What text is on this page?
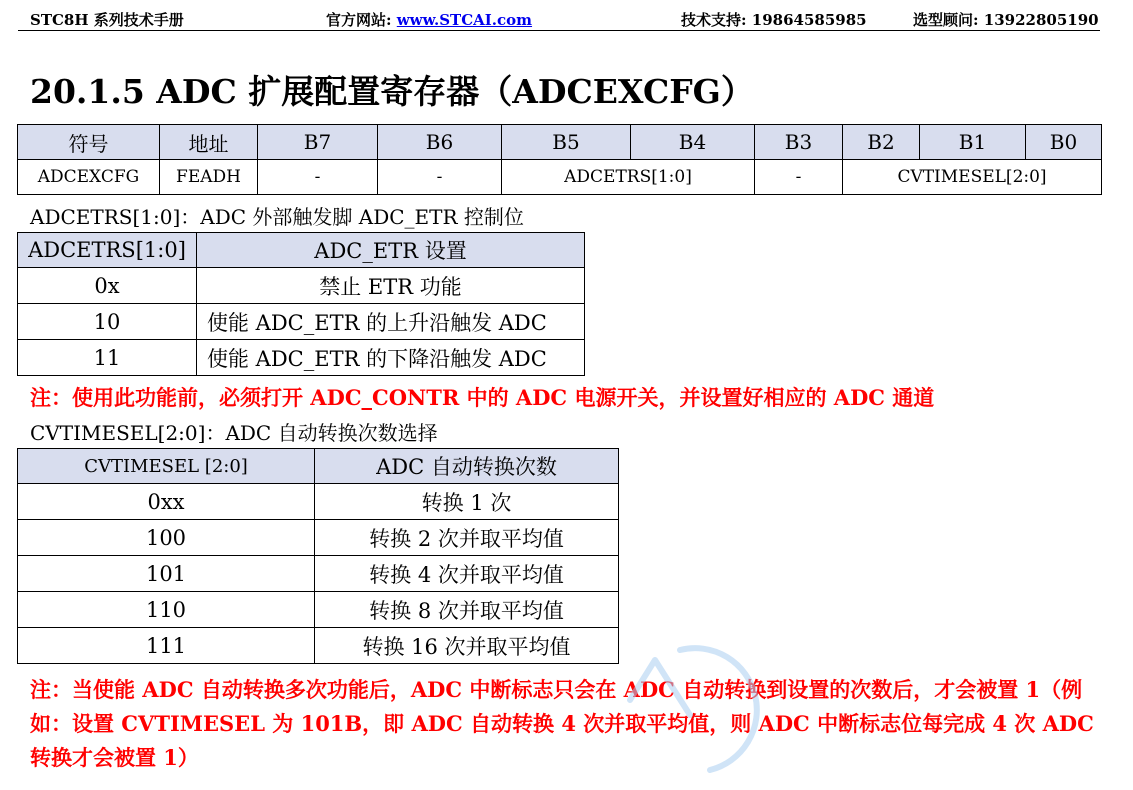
STC8H 系列技术手册	官方网站: www.STCAI.com	技术支持: 19864585985	选型顾问: 13922805190
20.1.5 ADC 扩展配置寄存器（ADCEXCFG）
符号	地址	B7	B6	B5	B4	B3	B2	B1	B0
ADCEXCFG	FEADH	-	-	ADCETRS[1:0]		-	CVTIMESEL[2:0]		
ADCETRS[1:0]：ADC 外部触发脚 ADC_ETR 控制位
ADCETRS[1:0]	ADC_ETR 设置
0x	禁止 ETR 功能
10	使能 ADC_ETR 的上升沿触发 ADC
11	使能 ADC_ETR 的下降沿触发 ADC
注：使用此功能前，必须打开 ADC_CONTR 中的 ADC 电源开关，并设置好相应的 ADC 通道
CVTIMESEL[2:0]：ADC 自动转换次数选择
CVTIMESEL [2:0]	ADC 自动转换次数
0xx	转换 1 次
100	转换 2 次并取平均值
101	转换 4 次并取平均值
110	转换 8 次并取平均值
111	转换 16 次并取平均值
注：当使能 ADC 自动转换多次功能后，ADC 中断标志只会在 ADC 自动转换到设置的次数后，才会被置 1（例如：设置 CVTIMESEL 为 101B，即 ADC 自动转换 4 次并取平均值，则 ADC 中断标志位每完成 4 次 ADC 转换才会被置 1）
